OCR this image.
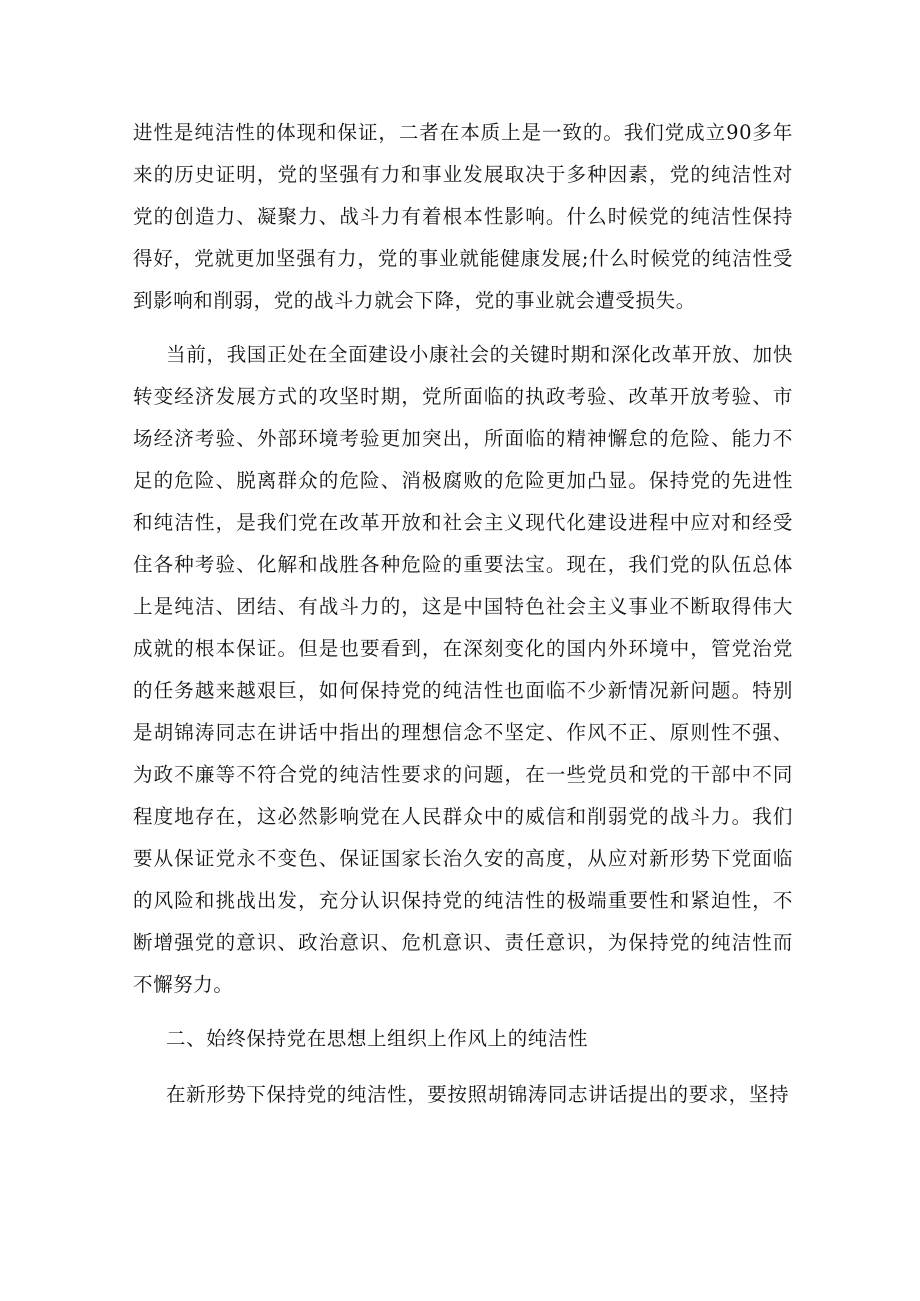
进性是纯洁性的体现和保证，二者在本质上是一致的。我们党成立90多年来的历史证明，党的坚强有力和事业发展取决于多种因素，党的纯洁性对党的创造力、凝聚力、战斗力有着根本性影响。什么时候党的纯洁性保持得好，党就更加坚强有力，党的事业就能健康发展;什么时候党的纯洁性受到影响和削弱，党的战斗力就会下降，党的事业就会遭受损失。

当前，我国正处在全面建设小康社会的关键时期和深化改革开放、加快转变经济发展方式的攻坚时期，党所面临的执政考验、改革开放考验、市场经济考验、外部环境考验更加突出，所面临的精神懈怠的危险、能力不足的危险、脱离群众的危险、消极腐败的危险更加凸显。保持党的先进性和纯洁性，是我们党在改革开放和社会主义现代化建设进程中应对和经受住各种考验、化解和战胜各种危险的重要法宝。现在，我们党的队伍总体上是纯洁、团结、有战斗力的，这是中国特色社会主义事业不断取得伟大成就的根本保证。但是也要看到，在深刻变化的国内外环境中，管党治党的任务越来越艰巨，如何保持党的纯洁性也面临不少新情况新问题。特别是胡锦涛同志在讲话中指出的理想信念不坚定、作风不正、原则性不强、为政不廉等不符合党的纯洁性要求的问题，在一些党员和党的干部中不同程度地存在，这必然影响党在人民群众中的威信和削弱党的战斗力。我们要从保证党永不变色、保证国家长治久安的高度，从应对新形势下党面临的风险和挑战出发，充分认识保持党的纯洁性的极端重要性和紧迫性，不断增强党的意识、政治意识、危机意识、责任意识，为保持党的纯洁性而不懈努力。

二、始终保持党在思想上组织上作风上的纯洁性

在新形势下保持党的纯洁性，要按照胡锦涛同志讲话提出的要求，坚持
